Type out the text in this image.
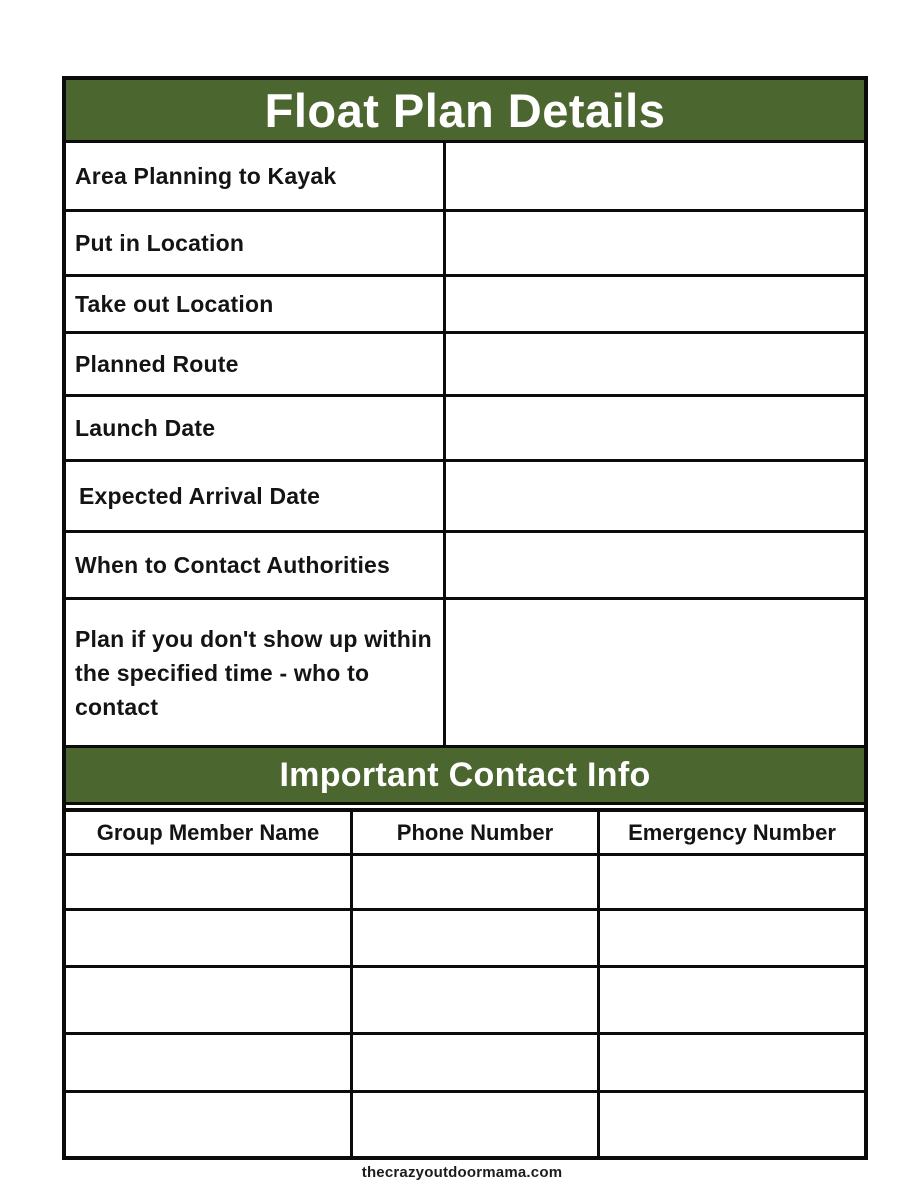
Float Plan Details
Area Planning to Kayak
Put in Location
Take out Location
Planned Route
Launch Date
Expected Arrival Date
When to Contact Authorities
Plan if you don't show up within the specified time - who to contact
Important Contact Info
Group Member Name	Phone Number	Emergency Number
thecrazyoutdoormama.com
